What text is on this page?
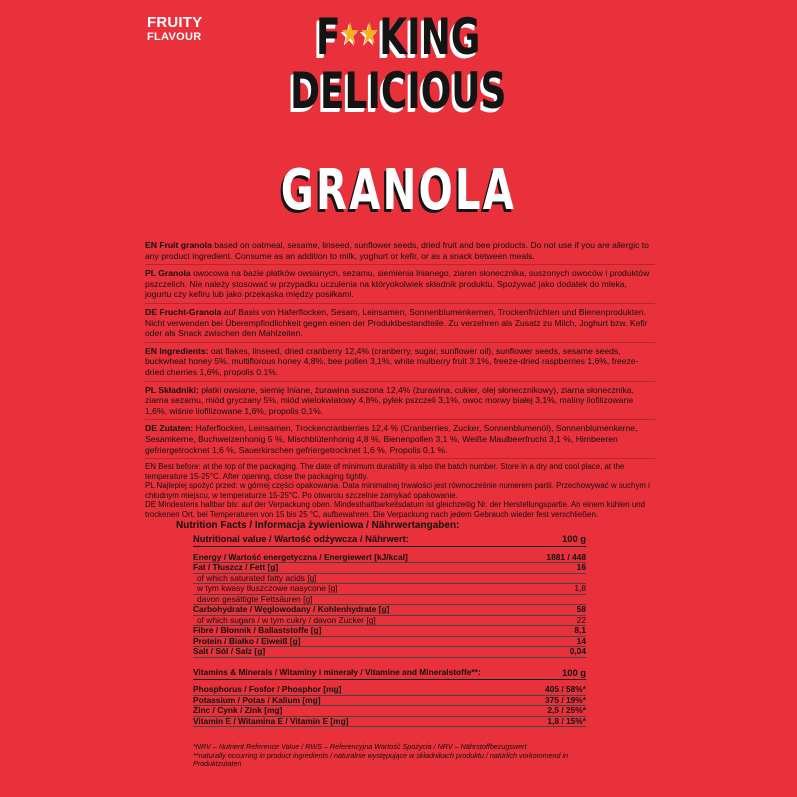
FRUITY
FLAVOUR	F★★KING
DELICIOUS
GRANOLA

EN Fruit granola based on oatmeal, sesame, linseed, sunflower seeds, dried fruit and bee products. Do not use if you are allergic to any product ingredient. Consume as an addition to milk, yoghurt or kefir, or as a snack between meals.

PL Granola owocowa na bazie płatków owsianych, sezamu, siemienia lnianego, ziaren słonecznika, suszonych owoców i produktów pszczelich. Nie należy stosować w przypadku uczulenia na któryokolwiek składnik produktu. Spożywać jako dodatek do mleka, jogurtu czy kefiru lub jako przekąska między posiłkami.

DE Frucht-Granola auf Basis von Haferflocken, Sesam, Leinsamen, Sonnenblumenkernen, Trockenfrüchten und Bienenprodukten. Nicht verwenden bei Überempfindlichkeit gegen einen der Produktbestandteile. Zu verzehren als Zusatz zu Milch, Joghurt bzw. Kefir oder als Snack zwischen den Mahlzeiten.

EN Ingredients: oat flakes, linseed, dried cranberry 12,4% (cranberry, sugar, sunflower oil), sunflower seeds, sesame seeds, buckwheat honey 5%, multiflorous honey 4,8%, bee pollen 3,1%, white mulberry fruit 3.1%, freeze-dried raspberries 1,6%, freeze-dried cherries 1,6%, propolis 0.1%.

PL Składniki: płatki owsiane, siemię lniane, żurawina suszona 12,4% (żurawina, cukier, olej słonecznikowy), ziarna słonecznika, ziarna sezamu, miód gryczany 5%, miód wielokwiatowy 4,8%, pyłek pszczeli 3,1%, owoc morwy białej 3,1%, maliny liofilizowane 1,6%, wiśnie liofilizowane 1,6%, propolis 0,1%.

DE Zutaten: Haferflocken, Leinsamen, Trockencranberries 12,4 % (Cranberries, Zucker, Sonnenblumenöl), Sonnenblumenkerne, Sesamkerne, Buchweizenhonig 5 %, Mischblütenhonig 4,8 %, Bienenpollen 3,1 %, Weiße Maulbeerfrucht 3,1 %, Himbeeren gefriergetrocknet 1,6 %, Sauerkirschen gefriergetrocknet 1,6 %, Propolis 0,1 %.

EN Best before: at the top of the packaging. The date of minimum durability is also the batch number. Store in a dry and cool place, at the temperature 15-25°C. After opening, close the packaging tightly.

PL Najlepiej spożyć przed: w górnej części opakowania. Data minimalnej trwałości jest równocześnie numerem partii. Przechowywać w suchym i chłodnym miejscu, w temperaturze 15-25°C. Po otwarciu szczelnie zamykać opakowanie.

DE Mindestens haltbar bis: auf der Verpackung oben. Mindesthaltbarkeitsdatum ist gleichzeitig Nr. der Herstellungspartie. An einem kühlen und trockenen Ort, bei Temperaturen von 15 bis 25 °C, aufbewahren. Die Verpackung nach jedem Gebrauch wieder fest verschließen.

Nutrition Facts / Informacja żywieniowa / Nährwertangaben:
Nutritional value / Wartość odżywcza / Nährwert:	100 g
Energy / Wartość energetyczna / Energiewert [kJ/kcal]	1881 / 448
Fat / Tłuszcz / Fett [g]	16
of which saturated fatty acids [g]
w tym kwasy tłuszczowe nasycone [g]	1,8
davon gesättigte Fettsäuren [g]
Carbohydrate / Węglowodany / Kohlenhydrate [g]	58
of which sugars / w tym cukry / davon Zucker [g]	22
Fibre / Błonnik / Ballaststoffe [g]	8,1
Protein / Białko / Eiweiß [g]	14
Salt / Sól / Salz [g]	0,04
Vitamins & Minerals / Witaminy i minerały / Vitamine and Mineralstoffe**:	100 g
Phosphorus / Fosfor / Phosphor [mg]	405 / 58%*
Potassium / Potas / Kalium [mg]	375 / 19%*
Zinc / Cynk / Zink [mg]	2,5 / 25%*
Vitamin E / Witamina E / Vitamin E [mg]	1,8 / 15%*

*NRV – Nutrient Reference Value / RWS – Referencyjna Wartość Spożycia / NRV – Nährstoffbezugswert

**naturally occurring in product ingredients / naturalnie występujące w składnikach produktu / natürlich vorkommend in Produktzutaten
